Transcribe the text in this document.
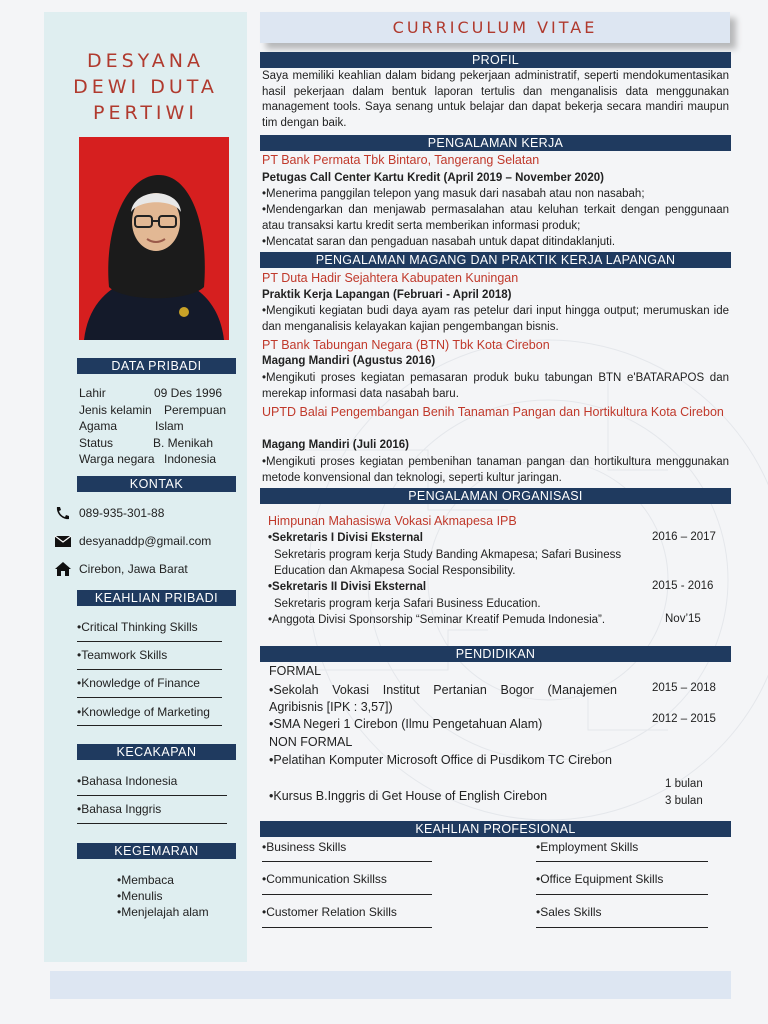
DESYANA
DEWI DUTA
PERTIWI
DATA PRIBADI
Lahir	09 Des 1996
Jenis kelamin Perempuan
Agama	Islam
Status	B. Menikah
Warga negara Indonesia
KONTAK
089-935-301-88
desyanaddp@gmail.com
Cirebon, Jawa Barat
KEAHLIAN PRIBADI
•Critical Thinking Skills
•Teamwork Skills
•Knowledge of Finance
•Knowledge of Marketing
KECAKAPAN
•Bahasa Indonesia
•Bahasa Inggris
KEGEMARAN
•Membaca
•Menulis
•Menjelajah alam
CURRICULUM VITAE
PROFIL
Saya memiliki keahlian dalam bidang pekerjaan administratif, seperti mendokumentasikan hasil pekerjaan dalam bentuk laporan tertulis dan menganalisis data menggunakan management tools. Saya senang untuk belajar dan dapat bekerja secara mandiri maupun tim dengan baik.
PENGALAMAN KERJA
PT Bank Permata Tbk Bintaro, Tangerang Selatan
Petugas Call Center Kartu Kredit (April 2019 – November 2020)
•Menerima panggilan telepon yang masuk dari nasabah atau non nasabah;
•Mendengarkan dan menjawab permasalahan atau keluhan terkait dengan penggunaan atau transaksi kartu kredit serta memberikan informasi produk;
•Mencatat saran dan pengaduan nasabah untuk dapat ditindaklanjuti.
PENGALAMAN MAGANG DAN PRAKTIK KERJA LAPANGAN
PT Duta Hadir Sejahtera Kabupaten Kuningan
Praktik Kerja Lapangan (Februari - April 2018)
•Mengikuti kegiatan budi daya ayam ras petelur dari input hingga output; merumuskan ide dan menganalisis kelayakan kajian pengembangan bisnis.
PT Bank Tabungan Negara (BTN) Tbk Kota Cirebon
Magang Mandiri (Agustus 2016)
•Mengikuti proses kegiatan pemasaran produk buku tabungan BTN e'BATARAPOS dan merekap informasi data nasabah baru.
UPTD Balai Pengembangan Benih Tanaman Pangan dan Hortikultura Kota Cirebon
Magang Mandiri (Juli 2016)
•Mengikuti proses kegiatan pembenihan tanaman pangan dan hortikultura menggunakan metode konvensional dan teknologi, seperti kultur jaringan.
PENGALAMAN ORGANISASI
Himpunan Mahasiswa Vokasi Akmapesa IPB
•Sekretaris I Divisi Eksternal
Sekretaris program kerja Study Banding Akmapesa; Safari Business Education dan Akmapesa Social Responsibility.
2016 – 2017
•Sekretaris II Divisi Eksternal
Sekretaris program kerja Safari Business Education.
2015 - 2016
•Anggota Divisi Sponsorship “Seminar Kreatif Pemuda Indonesia”.	Nov’15
PENDIDIKAN
FORMAL
•Sekolah Vokasi Institut Pertanian Bogor (Manajemen Agribisnis [IPK : 3,57])
2015 – 2018
•SMA Negeri 1 Cirebon (Ilmu Pengetahuan Alam)	2012 – 2015
NON FORMAL
•Pelatihan Komputer Microsoft Office di Pusdikom TC Cirebon
1 bulan
•Kursus B.Inggris di Get House of English Cirebon	3 bulan
KEAHLIAN PROFESIONAL
•Business Skills
•Communication Skillss
•Customer Relation Skills
•Employment Skills
•Office Equipment Skills
•Sales Skills
